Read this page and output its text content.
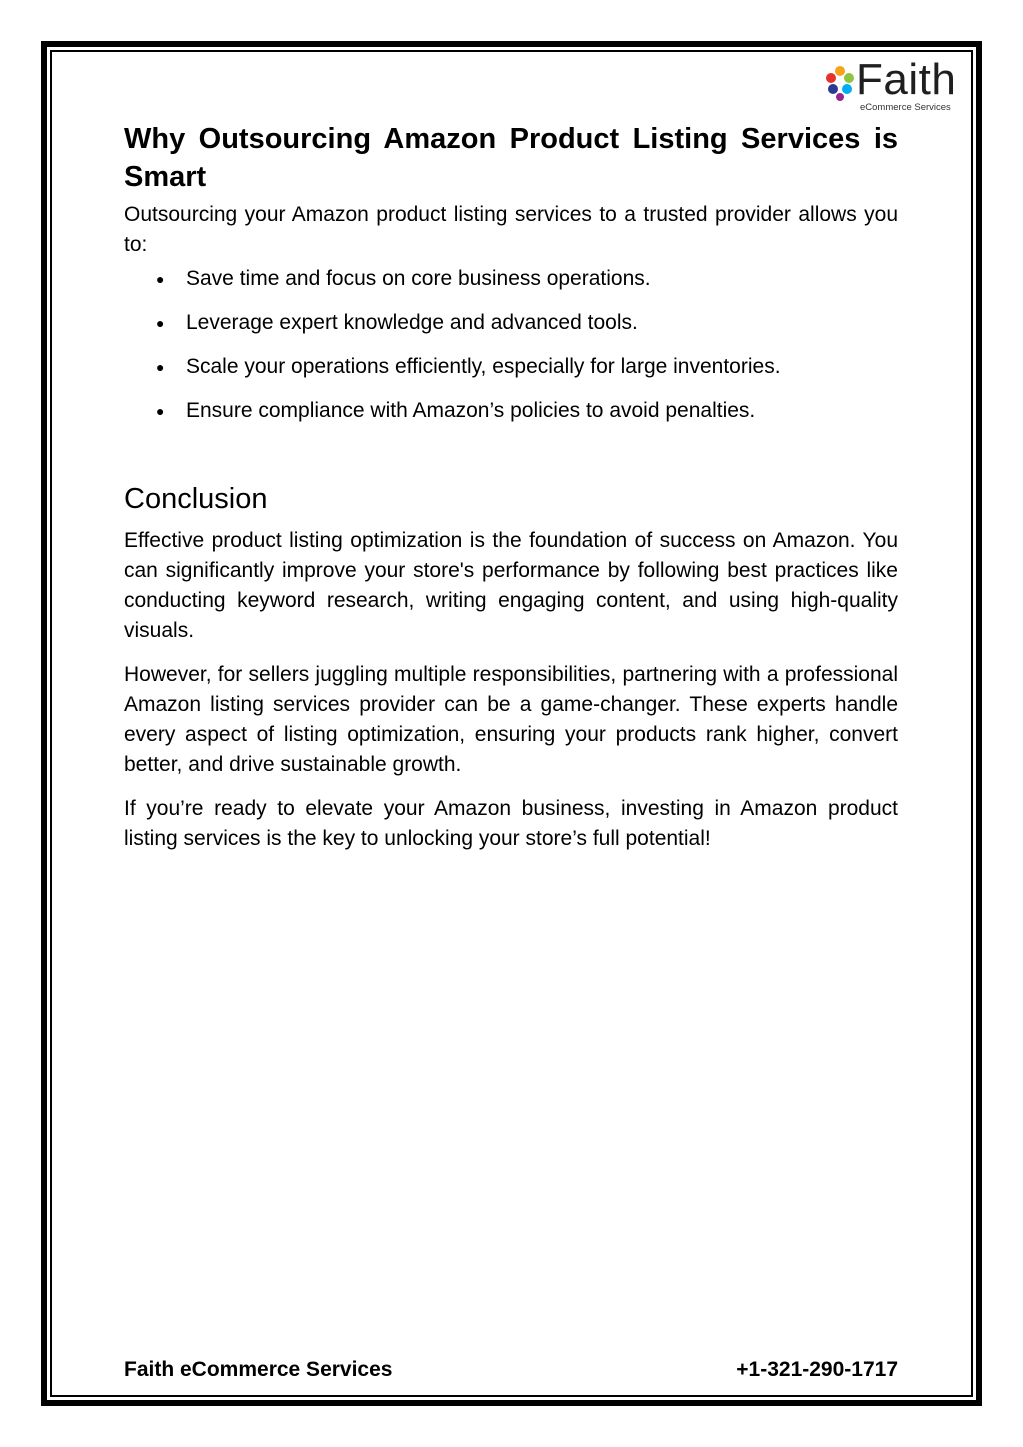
Faith
eCommerce Services
Why Outsourcing Amazon Product Listing Services is Smart

Outsourcing your Amazon product listing services to a trusted provider allows you to:

● Save time and focus on core business operations.
● Leverage expert knowledge and advanced tools.
● Scale your operations efficiently, especially for large inventories.
● Ensure compliance with Amazon’s policies to avoid penalties.
Conclusion

Effective product listing optimization is the foundation of success on Amazon. You can significantly improve your store's performance by following best practices like conducting keyword research, writing engaging content, and using high-quality visuals.

However, for sellers juggling multiple responsibilities, partnering with a professional Amazon listing services provider can be a game-changer. These experts handle every aspect of listing optimization, ensuring your products rank higher, convert better, and drive sustainable growth.

If you’re ready to elevate your Amazon business, investing in Amazon product listing services is the key to unlocking your store’s full potential!

Faith eCommerce Services	+1-321-290-1717
